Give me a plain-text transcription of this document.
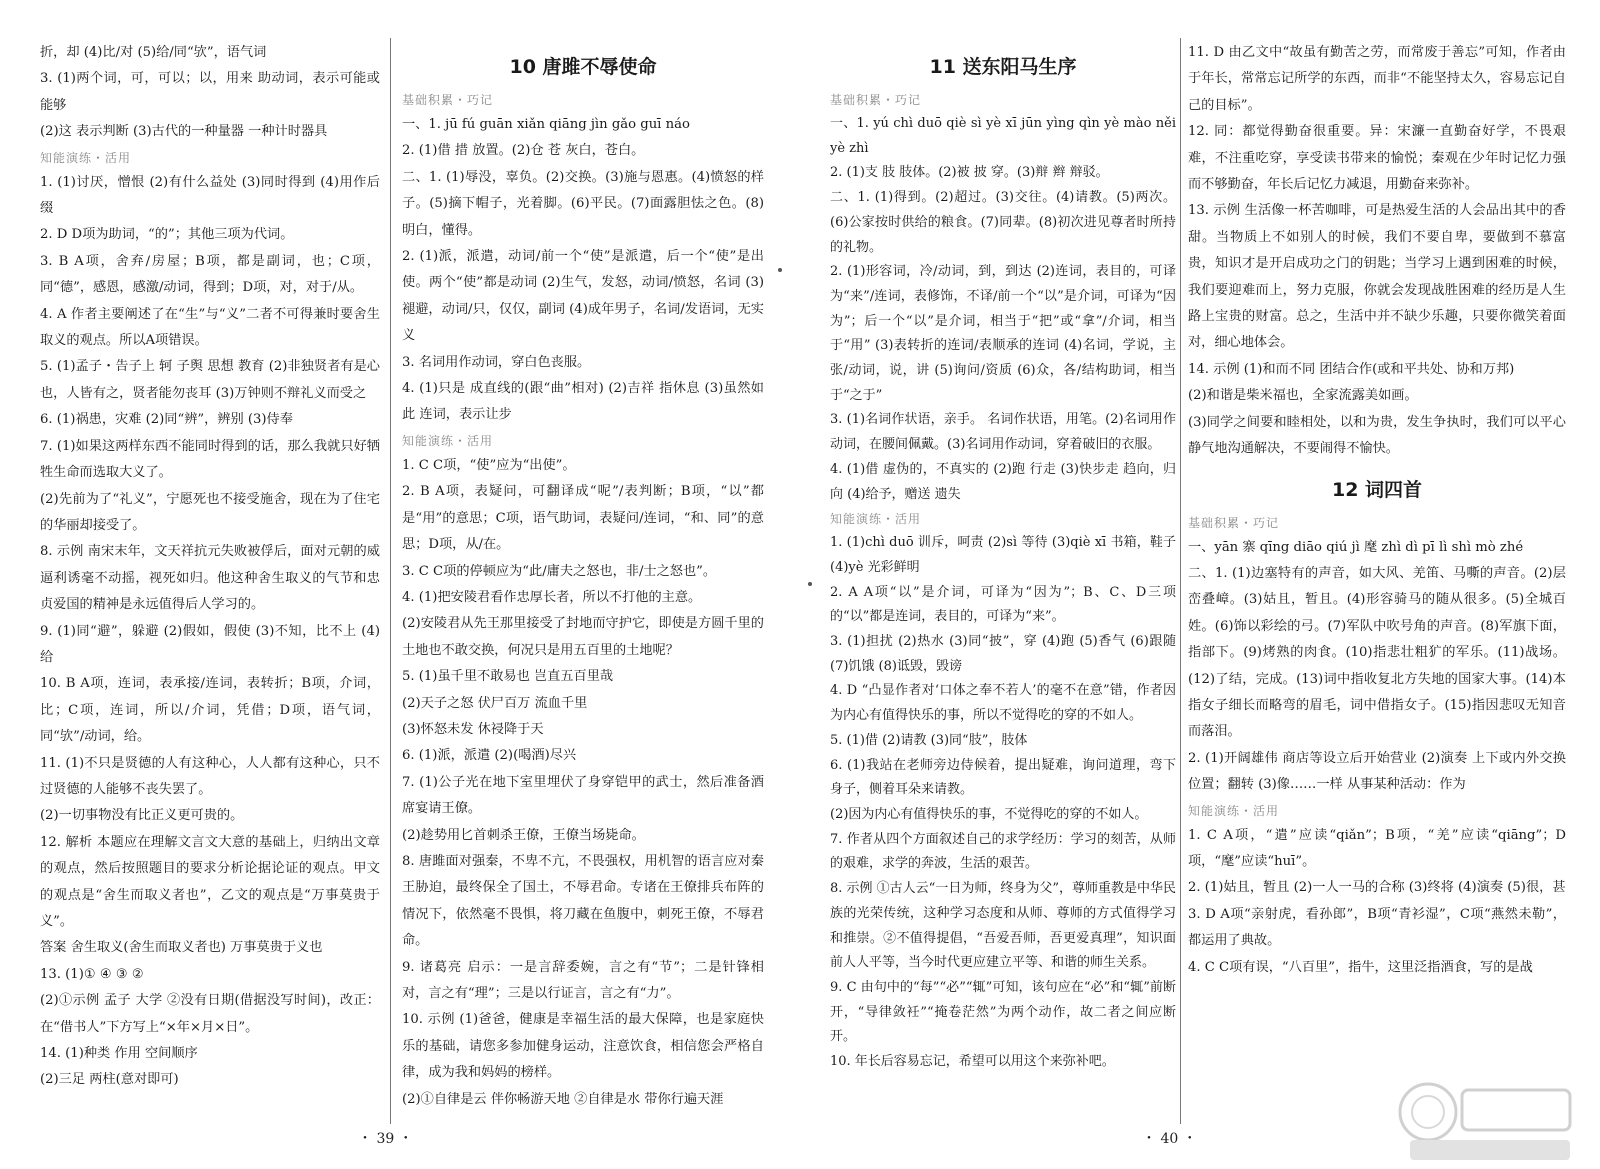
折，却 (4)比/对 (5)给/同“欤”，语气词
3. (1)两个词，可，可以；以，用来 助动词，表示可能或能够
(2)这 表示判断 (3)古代的一种量器 一种计时器具
知能演练・活用
1. (1)讨厌，憎恨 (2)有什么益处 (3)同时得到 (4)用作后缀
2. D D项为助词，“的”；其他三项为代词。
3. B A项，舍弃/房屋；B项，都是副词，也；C项，同“德”，感恩，感激/动词，得到；D项，对，对于/从。
4. A 作者主要阐述了在“生”与“义”二者不可得兼时要舍生取义的观点。所以A项错误。
5. (1)孟子・告子上 轲 子舆 思想 教育 (2)非独贤者有是心也，人皆有之，贤者能勿丧耳 (3)万钟则不辩礼义而受之
6. (1)祸患，灾难 (2)同“辨”，辨别 (3)侍奉
7. (1)如果这两样东西不能同时得到的话，那么我就只好牺牲生命而选取大义了。
(2)先前为了“礼义”，宁愿死也不接受施舍，现在为了住宅的华丽却接受了。
8. 示例 南宋末年，文天祥抗元失败被俘后，面对元朝的威逼利诱毫不动摇，视死如归。他这种舍生取义的气节和忠贞爱国的精神是永远值得后人学习的。
9. (1)同“避”，躲避 (2)假如，假使 (3)不知，比不上 (4)给
10. B A项，连词，表承接/连词，表转折；B项，介词，比；C项，连词，所以/介词，凭借；D项，语气词，同“欤”/动词，给。
11. (1)不只是贤德的人有这种心，人人都有这种心，只不过贤德的人能够不丧失罢了。
(2)一切事物没有比正义更可贵的。
12. 解析 本题应在理解文言文大意的基础上，归纳出文章的观点，然后按照题目的要求分析论据论证的观点。甲文的观点是“舍生而取义者也”，乙文的观点是“万事莫贵于义”。
答案 舍生取义(舍生而取义者也) 万事莫贵于义也
13. (1)① ④ ③ ②
(2)①示例 孟子 大学 ②没有日期(借据没写时间)，改正：在“借书人”下方写上“×年×月×日”。
14. (1)种类 作用 空间顺序
(2)三足 两柱(意对即可)
10 唐雎不辱使命
基础积累・巧记
一、1. jū fú guān xiǎn qiāng jìn gǎo guī náo
2. (1)借 措 放置。(2)仓 苍 灰白，苍白。
二、1. (1)辱没，辜负。(2)交换。(3)施与恩惠。(4)愤怒的样子。(5)摘下帽子，光着脚。(6)平民。(7)面露胆怯之色。(8)明白，懂得。
2. (1)派，派遣，动词/前一个“使”是派遣，后一个“使”是出使。两个“使”都是动词 (2)生气，发怒，动词/愤怒，名词 (3)褪避，动词/只，仅仅，副词 (4)成年男子，名词/发语词，无实义
3. 名词用作动词，穿白色丧服。
4. (1)只是 成直线的(跟“曲”相对) (2)吉祥 指休息 (3)虽然如此 连词，表示让步
知能演练・活用
1. C C项，“使”应为“出使”。
2. B A项，表疑问，可翻译成“呢”/表判断；B项，“以”都是“用”的意思；C项，语气助词，表疑问/连词，“和、同”的意思；D项，从/在。
3. C C项的停顿应为“此/庸夫之怒也，非/士之怒也”。
4. (1)把安陵君看作忠厚长者，所以不打他的主意。
(2)安陵君从先王那里接受了封地而守护它，即使是方圆千里的土地也不敢交换，何况只是用五百里的土地呢？
5. (1)虽千里不敢易也 岂直五百里哉
(2)天子之怒 伏尸百万 流血千里
(3)怀怒未发 休祲降于天
6. (1)派，派遣 (2)(喝酒)尽兴
7. (1)公子光在地下室里埋伏了身穿铠甲的武士，然后准备酒席宴请王僚。
(2)趁势用匕首刺杀王僚，王僚当场毙命。
8. 唐雎面对强秦，不卑不亢，不畏强权，用机智的语言应对秦王胁迫，最终保全了国土，不辱君命。专诸在王僚排兵布阵的情况下，依然毫不畏惧，将刀藏在鱼腹中，刺死王僚，不辱君命。
9. 诸葛亮 启示：一是言辞委婉，言之有“节”；二是针锋相对，言之有“理”；三是以行证言，言之有“力”。
10. 示例 (1)爸爸，健康是幸福生活的最大保障，也是家庭快乐的基础，请您多参加健身运动，注意饮食，相信您会严格自律，成为我和妈妈的榜样。
(2)①自律是云 伴你畅游天地 ②自律是水 带你行遍天涯
11 送东阳马生序
基础积累・巧记
一、1. yú chì duō qiè sì yè xī jūn yìng qìn yè mào něi yè zhì
2. (1)支 肢 肢体。(2)被 披 穿。(3)辩 辫 辩驳。
二、1. (1)得到。(2)超过。(3)交往。(4)请教。(5)两次。(6)公家按时供给的粮食。(7)同辈。(8)初次进见尊者时所持的礼物。
2. (1)形容词，冷/动词，到，到达 (2)连词，表目的，可译为“来”/连词，表修饰，不译/前一个“以”是介词，可译为“因为”；后一个“以”是介词，相当于“把”或“拿”/介词，相当于“用” (3)表转折的连词/表顺承的连词 (4)名词，学说，主张/动词，说，讲 (5)询问/资质 (6)众，各/结构助词，相当于“之于”
3. (1)名词作状语，亲手。 名词作状语，用笔。(2)名词用作动词，在腰间佩戴。(3)名词用作动词，穿着破旧的衣服。
4. (1)借 虚伪的，不真实的 (2)跑 行走 (3)快步走 趋向，归向 (4)给予，赠送 遗失
知能演练・活用
1. (1)chì duō 训斥，呵责 (2)sì 等待 (3)qiè xī 书箱，鞋子 (4)yè 光彩鲜明
2. A A项“以”是介词，可译为“因为”；B、C、D三项的“以”都是连词，表目的，可译为“来”。
3. (1)担扰 (2)热水 (3)同“披”，穿 (4)跑 (5)香气 (6)跟随 (7)饥饿 (8)诋毁，毁谤
4. D “凸显作者对‘口体之奉不若人’的毫不在意”错，作者因为内心有值得快乐的事，所以不觉得吃的穿的不如人。
5. (1)借 (2)请教 (3)同“肢”，肢体
6. (1)我站在老师旁边侍候着，提出疑难，询问道理，弯下身子，侧着耳朵来请教。
(2)因为内心有值得快乐的事，不觉得吃的穿的不如人。
7. 作者从四个方面叙述自己的求学经历：学习的刻苦，从师的艰难，求学的奔波，生活的艰苦。
8. 示例 ①古人云“一日为师，终身为父”，尊师重教是中华民族的光荣传统，这种学习态度和从师、尊师的方式值得学习和推崇。②不值得提倡，“吾爱吾师，吾更爱真理”，知识面前人人平等，当今时代更应建立平等、和谐的师生关系。
9. C 由句中的“每”“必”“辄”可知，该句应在“必”和“辄”前断开，“导律敛衽”“掩卷茫然”为两个动作，故二者之间应断开。
10. 年长后容易忘记，希望可以用这个来弥补吧。
11. D 由乙文中“故虽有勤苦之劳，而常废于善忘”可知，作者由于年长，常常忘记所学的东西，而非“不能坚持太久，容易忘记自己的目标”。
12. 同：都觉得勤奋很重要。异：宋濂一直勤奋好学，不畏艰难，不注重吃穿，享受读书带来的愉悦；秦观在少年时记忆力强而不够勤奋，年长后记忆力减退，用勤奋来弥补。
13. 示例 生活像一杯苦咖啡，可是热爱生活的人会品出其中的香甜。当物质上不如别人的时候，我们不要自卑，要做到不慕富贵，知识才是开启成功之门的钥匙；当学习上遇到困难的时候，我们要迎难而上，努力克服，你就会发现战胜困难的经历是人生路上宝贵的财富。总之，生活中并不缺少乐趣，只要你微笑着面对，细心地体会。
14. 示例 (1)和而不同 团结合作(或和平共处、协和万邦)
(2)和谐是柴米福也，全家流露美如画。
(3)同学之间要和睦相处，以和为贵，发生争执时，我们可以平心静气地沟通解决，不要闹得不愉快。
12 词四首
基础积累・巧记
一、yān 寨 qīng diāo qiú jì 麾 zhì dì pī lì shì mò zhé
二、1. (1)边塞特有的声音，如大风、羌笛、马嘶的声音。(2)层峦叠嶂。(3)姑且，暂且。(4)形容骑马的随从很多。(5)全城百姓。(6)饰以彩绘的弓。(7)军队中吹号角的声音。(8)军旗下面，指部下。(9)烤熟的肉食。(10)指悲壮粗犷的军乐。(11)战场。(12)了结，完成。(13)词中指收复北方失地的国家大事。(14)本指女子细长而略弯的眉毛，词中借指女子。(15)指因悲叹无知音而落泪。
2. (1)开阔雄伟 商店等设立后开始营业 (2)演奏 上下或内外交换位置；翻转 (3)像……一样 从事某种活动：作为
知能演练・活用
1. C A项，“遣”应读“qiǎn”；B项，“羌”应读“qiāng”；D项，“麾”应读“huī”。
2. (1)姑且，暂且 (2)一人一马的合称 (3)终将 (4)演奏 (5)很，甚
3. D A项“亲射虎，看孙郎”，B项“青衫湿”，C项“燕然未勒”，都运用了典故。
4. C C项有误，“八百里”，指牛，这里泛指酒食，写的是战
・ 39 ・	・ 40 ・
